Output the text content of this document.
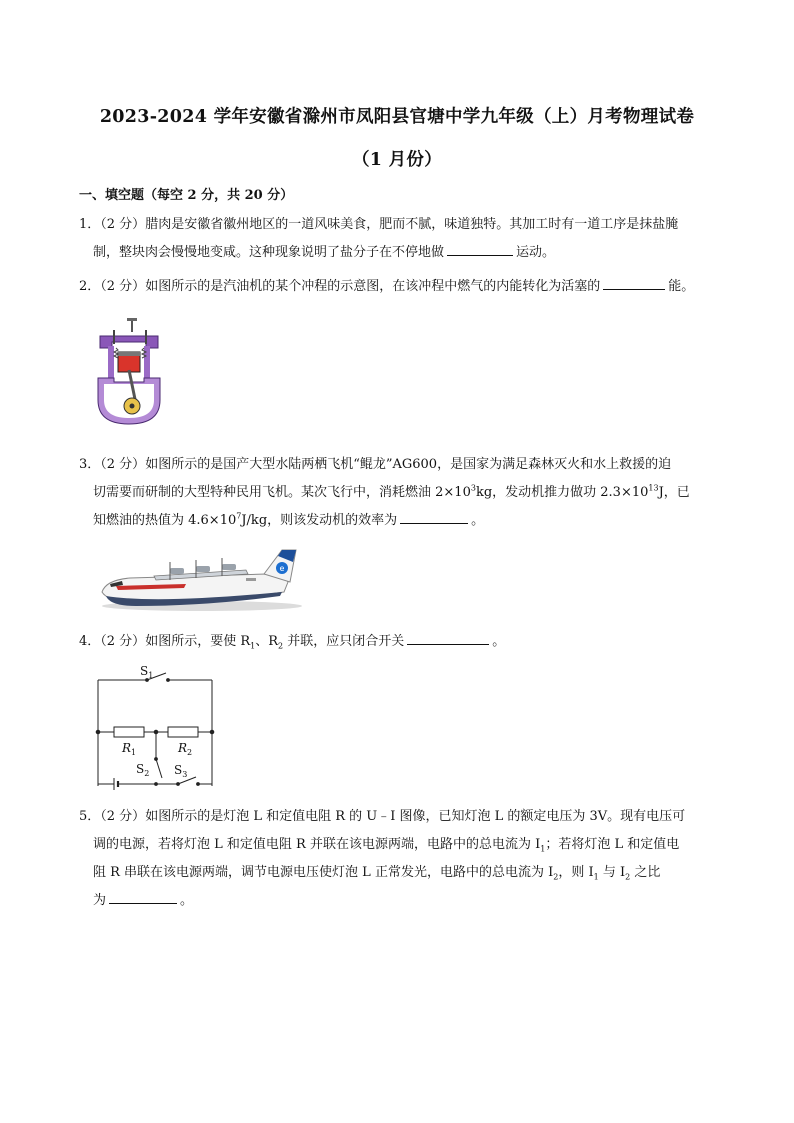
2023-2024 学年安徽省滁州市凤阳县官塘中学九年级（上）月考物理试卷
（1 月份）
一、填空题（每空 2 分，共 20 分）
1．（2 分）腊肉是安徽省徽州地区的一道风味美食，肥而不腻，味道独特。其加工时有一道工序是抹盐腌
制，整块肉会慢慢地变咸。这种现象说明了盐分子在不停地做	运动。
2．（2 分）如图所示的是汽油机的某个冲程的示意图，在该冲程中燃气的内能转化为活塞的	能。
3．（2 分）如图所示的是国产大型水陆两栖飞机“鲲龙”AG600，是国家为满足森林灭火和水上救援的迫
切需要而研制的大型特种民用飞机。某次飞行中，消耗燃油 $2\times 10^3kg$，发动机推力做功 $2.3\times 10^{13}J$，已
知燃油的热值为 $4.6\times 10^7J/kg$，则该发动机的效率为	。
e
4．（2 分）如图所示，要使 $R_1$、$R_2$ 并联，应只闭合开关	。
$S_1$
$R_1$	$R_2$
$S_2$ $S_3$
5．（2 分）如图所示的是灯泡 L 和定值电阻 R 的 U﹣I 图像，已知灯泡 L 的额定电压为 3V。现有电压可
调的电源，若将灯泡 L 和定值电阻 R 并联在该电源两端，电路中的总电流为 $I_1$；若将灯泡 L 和定值电
阻 R 串联在该电源两端，调节电源电压使灯泡 L 正常发光，电路中的总电流为 $I_2$，则 $I_1$ 与 $I_2$ 之比
为	。
